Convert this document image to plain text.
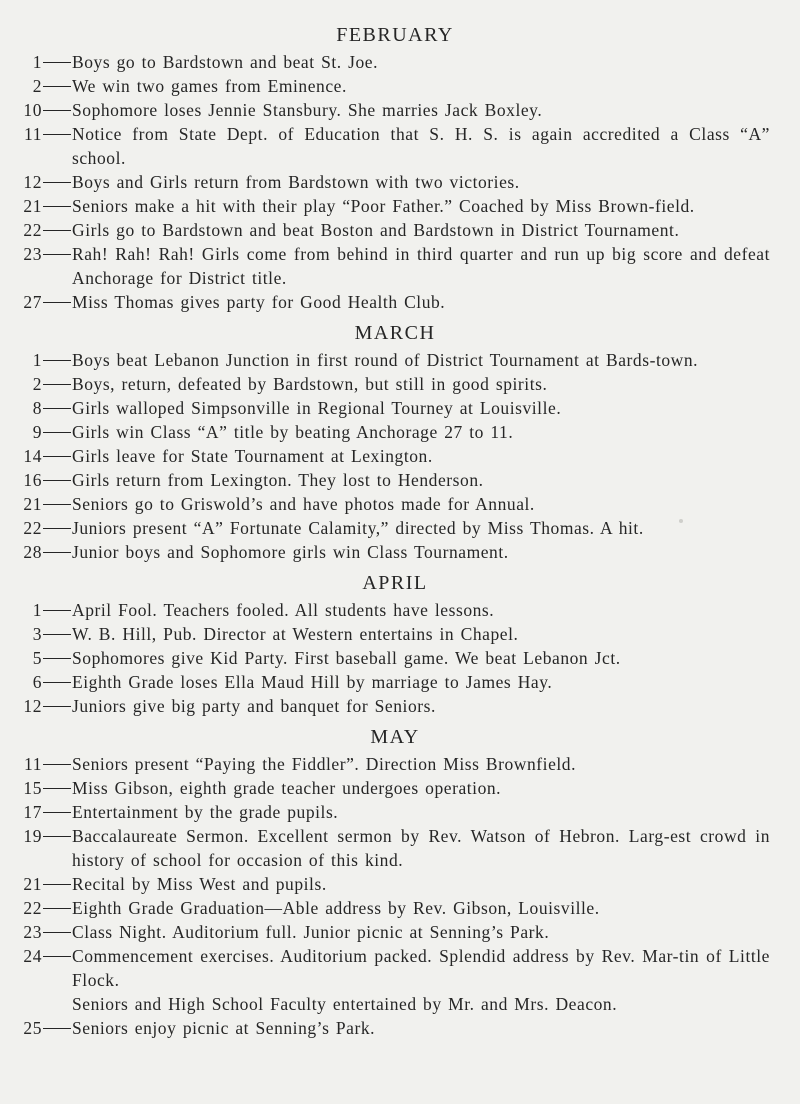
FEBRUARY
1 Boys go to Bardstown and beat St. Joe.
2 We win two games from Eminence.
10 Sophomore loses Jennie Stansbury. She marries Jack Boxley.
11 Notice from State Dept. of Education that S. H. S. is again accredited a Class “A” school.
12 Boys and Girls return from Bardstown with two victories.
21 Seniors make a hit with their play “Poor Father.” Coached by Miss Brown-field.
22 Girls go to Bardstown and beat Boston and Bardstown in District Tournament.
23 Rah! Rah! Rah! Girls come from behind in third quarter and run up big score and defeat Anchorage for District title.
27 Miss Thomas gives party for Good Health Club.
MARCH
1 Boys beat Lebanon Junction in first round of District Tournament at Bards-town.
2 Boys, return, defeated by Bardstown, but still in good spirits.
8 Girls walloped Simpsonville in Regional Tourney at Louisville.
9 Girls win Class “A” title by beating Anchorage 27 to 11.
14 Girls leave for State Tournament at Lexington.
16 Girls return from Lexington. They lost to Henderson.
21 Seniors go to Griswold’s and have photos made for Annual.
22 Juniors present “A” Fortunate Calamity,” directed by Miss Thomas. A hit.
28 Junior boys and Sophomore girls win Class Tournament.
APRIL
1 April Fool. Teachers fooled. All students have lessons.
3 W. B. Hill, Pub. Director at Western entertains in Chapel.
5 Sophomores give Kid Party. First baseball game. We beat Lebanon Jct.
6 Eighth Grade loses Ella Maud Hill by marriage to James Hay.
12 Juniors give big party and banquet for Seniors.
MAY
11 Seniors present “Paying the Fiddler”. Direction Miss Brownfield.
15 Miss Gibson, eighth grade teacher undergoes operation.
17 Entertainment by the grade pupils.
19 Baccalaureate Sermon. Excellent sermon by Rev. Watson of Hebron. Larg-est crowd in history of school for occasion of this kind.
21 Recital by Miss West and pupils.
22 Eighth Grade Graduation—Able address by Rev. Gibson, Louisville.
23 Class Night. Auditorium full. Junior picnic at Senning’s Park.
24 Commencement exercises. Auditorium packed. Splendid address by Rev. Mar-tin of Little Flock.
Seniors and High School Faculty entertained by Mr. and Mrs. Deacon.
25 Seniors enjoy picnic at Senning’s Park.
